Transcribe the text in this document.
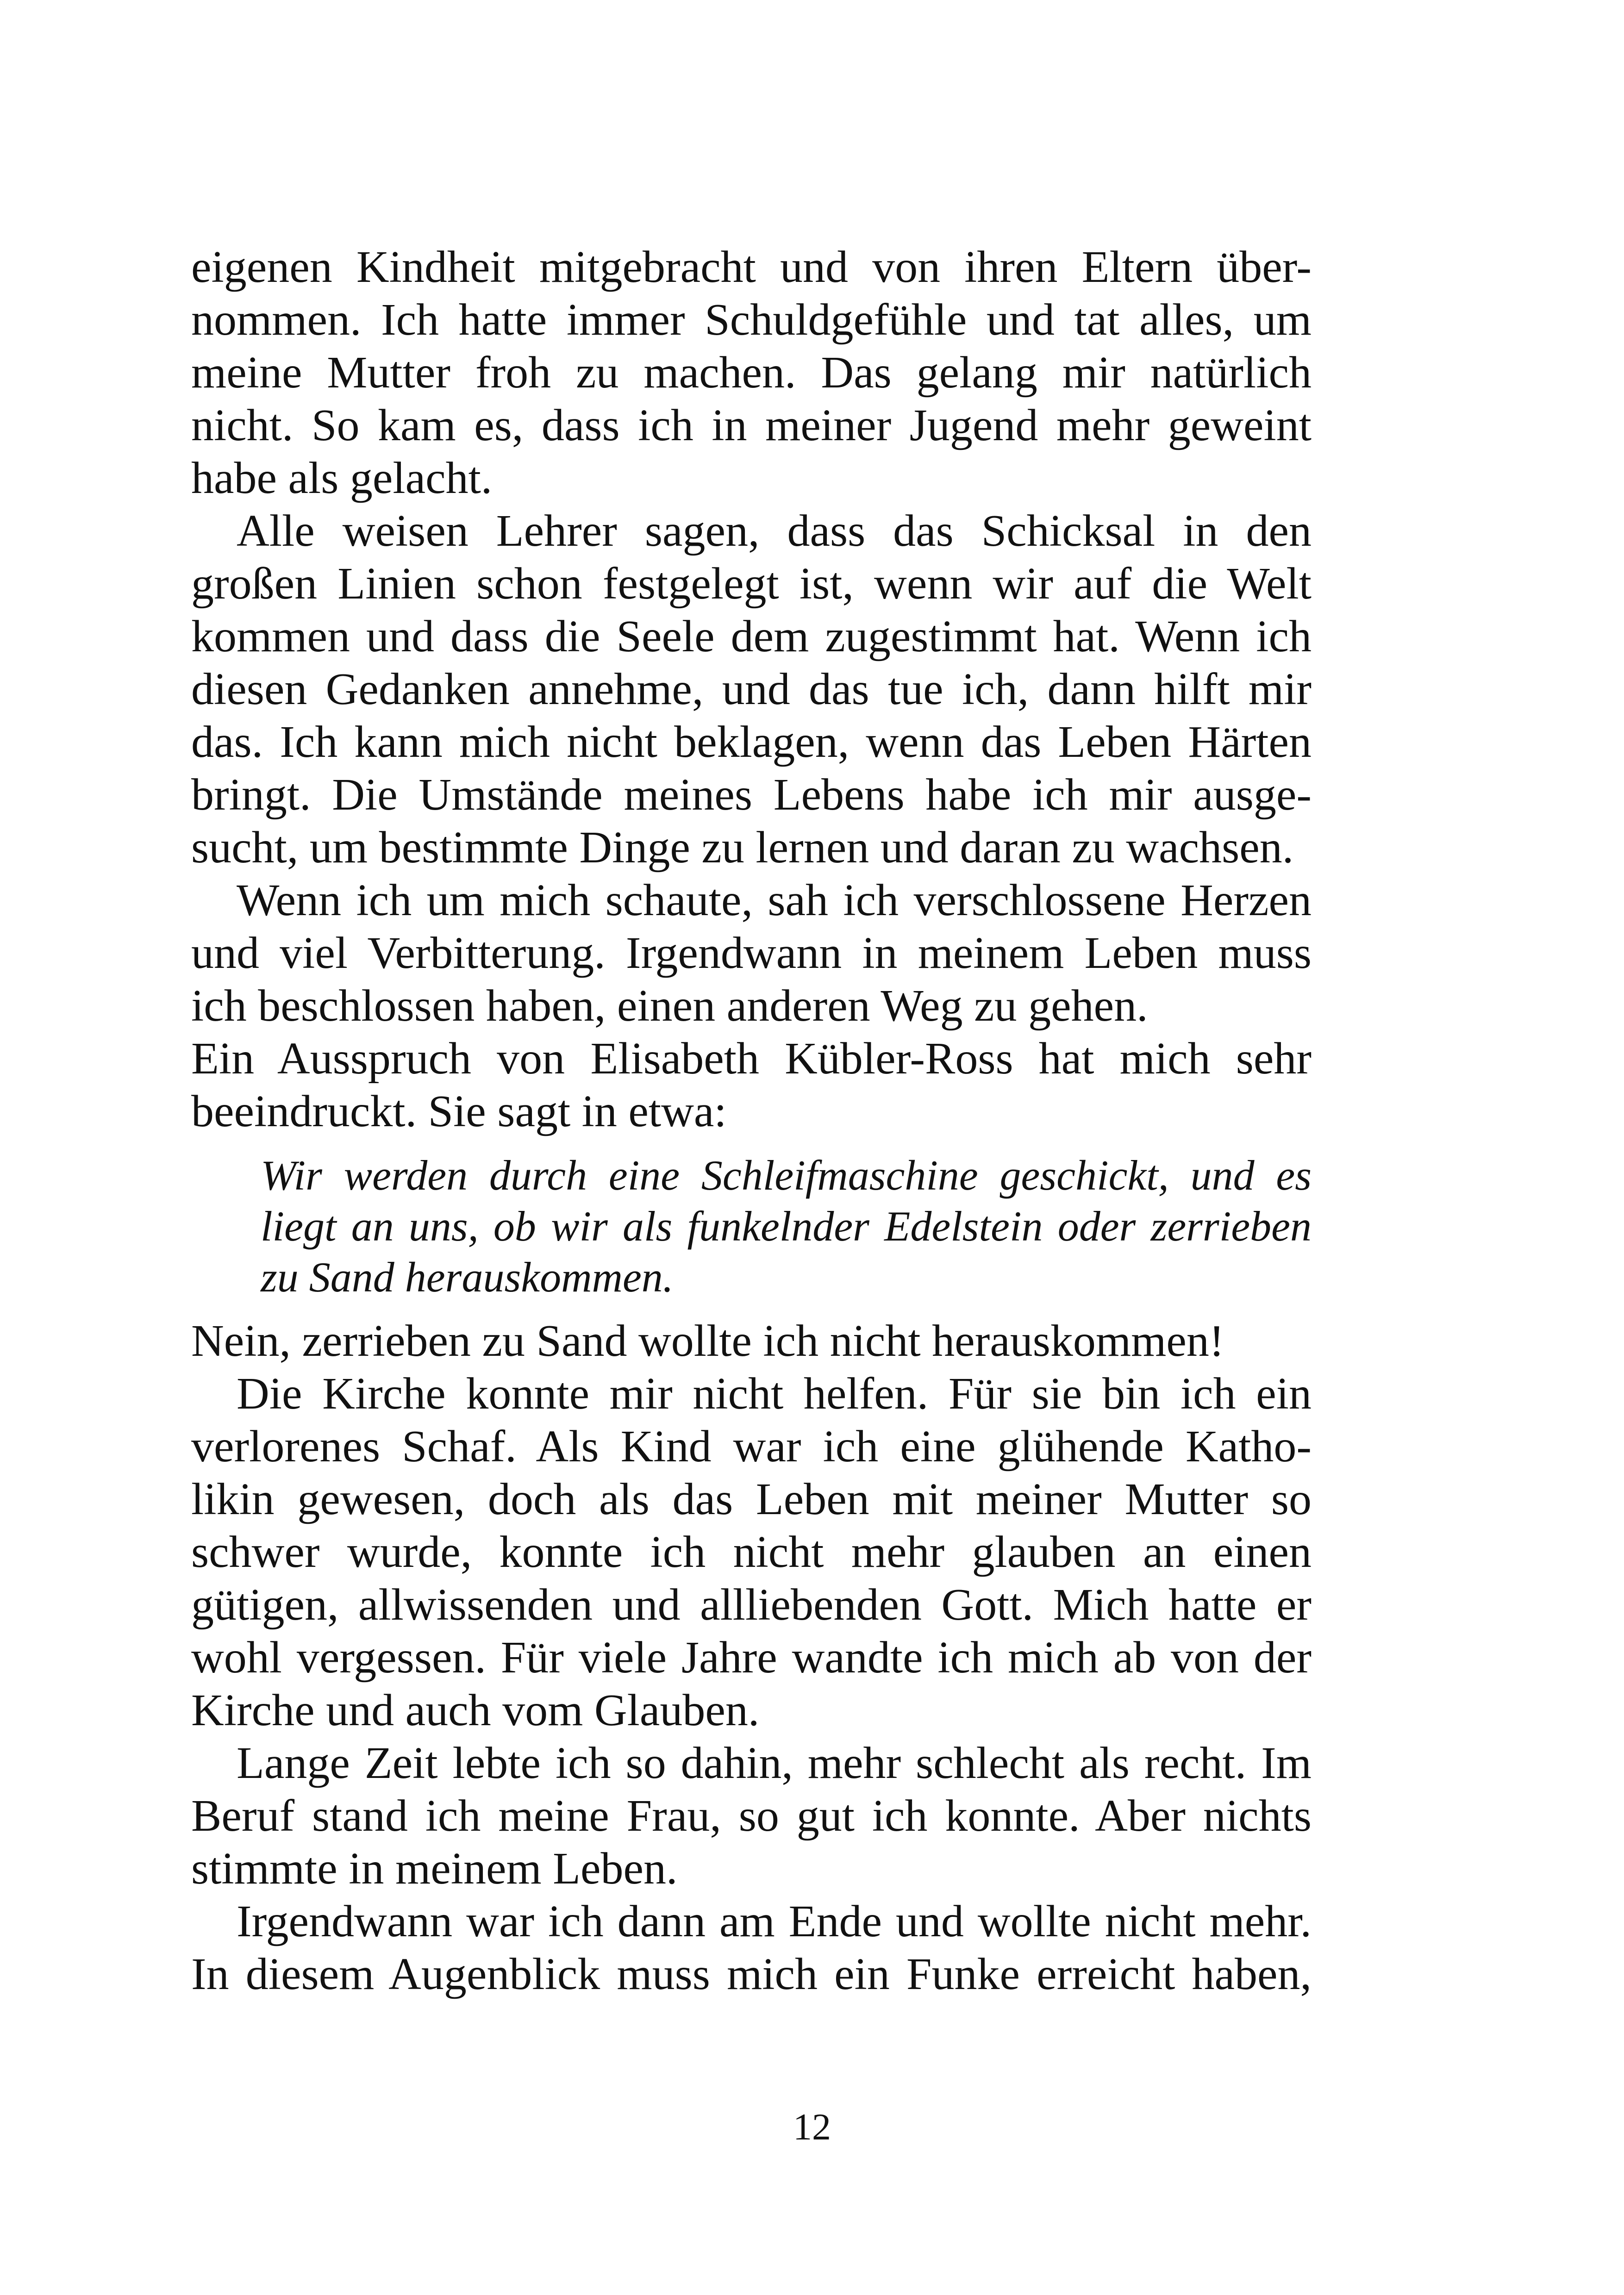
eigenen Kindheit mitgebracht und von ihren Eltern über-
nommen. Ich hatte immer Schuldgefühle und tat alles, um
meine Mutter froh zu machen. Das gelang mir natürlich
nicht. So kam es, dass ich in meiner Jugend mehr geweint
habe als gelacht.

Alle weisen Lehrer sagen, dass das Schicksal in den
großen Linien schon festgelegt ist, wenn wir auf die Welt
kommen und dass die Seele dem zugestimmt hat. Wenn ich
diesen Gedanken annehme, und das tue ich, dann hilft mir
das. Ich kann mich nicht beklagen, wenn das Leben Härten
bringt. Die Umstände meines Lebens habe ich mir ausge-
sucht, um bestimmte Dinge zu lernen und daran zu wachsen.

Wenn ich um mich schaute, sah ich verschlossene Herzen
und viel Verbitterung. Irgendwann in meinem Leben muss
ich beschlossen haben, einen anderen Weg zu gehen.

Ein Ausspruch von Elisabeth Kübler-Ross hat mich sehr
beeindruckt. Sie sagt in etwa:

Wir werden durch eine Schleifmaschine geschickt, und es
liegt an uns, ob wir als funkelnder Edelstein oder zerrieben
zu Sand herauskommen.

Nein, zerrieben zu Sand wollte ich nicht herauskommen!

Die Kirche konnte mir nicht helfen. Für sie bin ich ein
verlorenes Schaf. Als Kind war ich eine glühende Katho-
likin gewesen, doch als das Leben mit meiner Mutter so
schwer wurde, konnte ich nicht mehr glauben an einen
gütigen, allwissenden und allliebenden Gott. Mich hatte er
wohl vergessen. Für viele Jahre wandte ich mich ab von der
Kirche und auch vom Glauben.

Lange Zeit lebte ich so dahin, mehr schlecht als recht. Im
Beruf stand ich meine Frau, so gut ich konnte. Aber nichts
stimmte in meinem Leben.

Irgendwann war ich dann am Ende und wollte nicht mehr.
In diesem Augenblick muss mich ein Funke erreicht haben,

12
